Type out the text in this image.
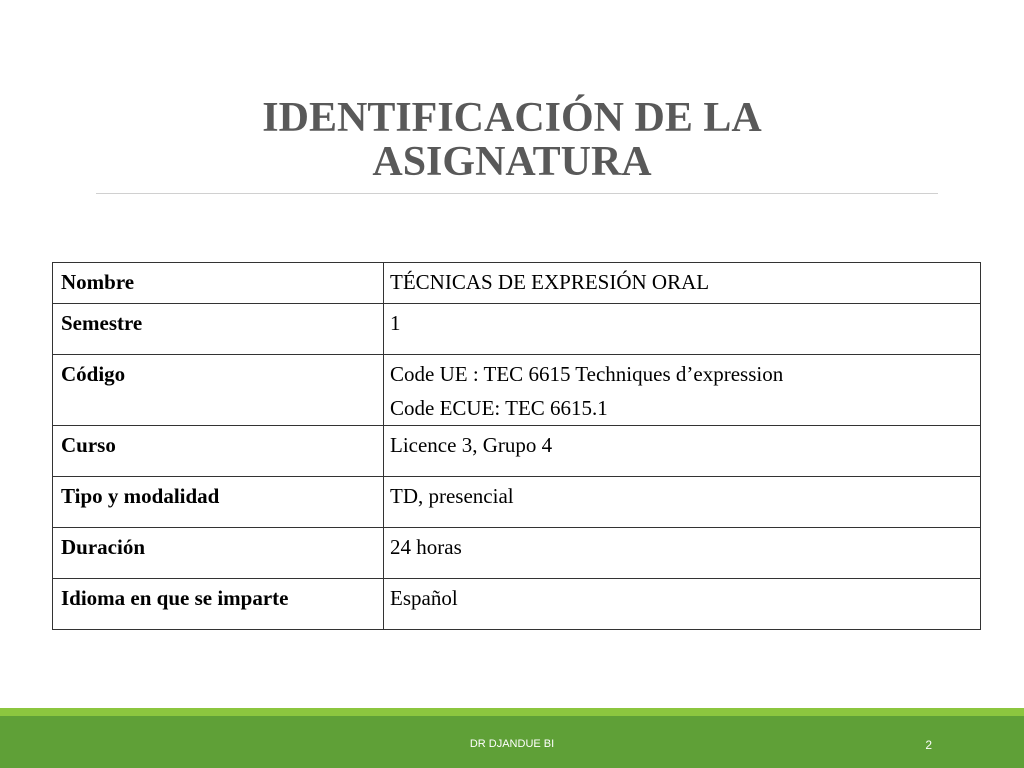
IDENTIFICACIÓN DE LA
ASIGNATURA
Nombre	TÉCNICAS DE EXPRESIÓN ORAL

Semestre	1

Código	Code UE : TEC 6615 Techniques d’expression
Code ECUE: TEC 6615.1

Curso	Licence 3, Grupo 4

Tipo y modalidad	TD, presencial

Duración	24 horas

Idioma en que se imparte	Español
DR DJANDUE BI	2
